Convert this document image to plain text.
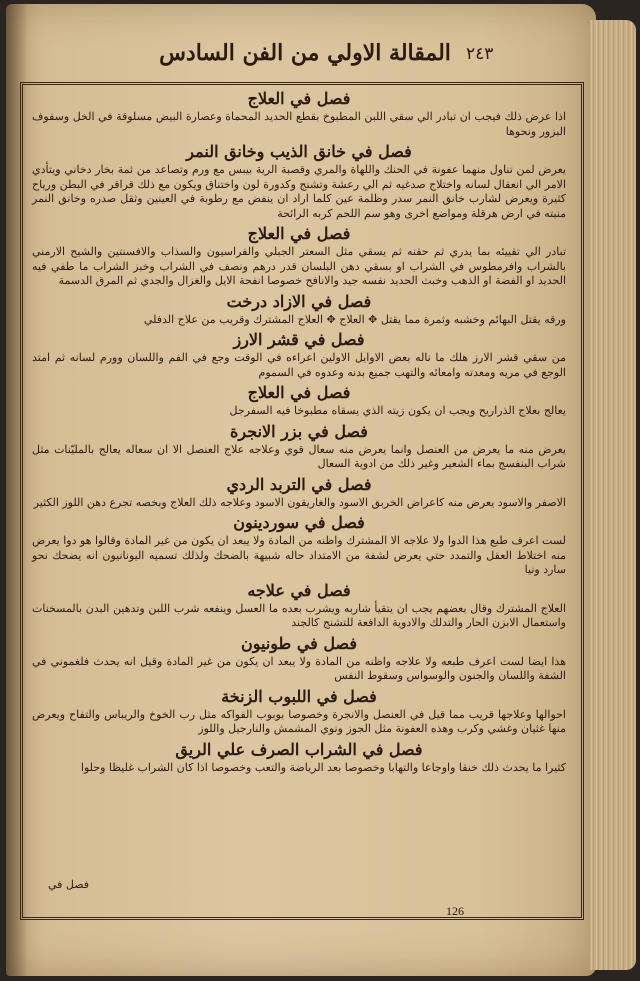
المقالة الاولي من الفن السادس ٢٤٣
فصل في العلاج
اذا عرض ذلك فيجب ان تبادر الي سقي اللبن المطبوخ بقطع الحديد المحماة وعصارة البيض مسلوقة في الخل وسفوف البزور ونحوها
فصل في خانق الذيب وخانق النمر
يعرض لمن تناول منهما عفونة في الحنك واللهاة والمري وقصبة الرية بيبس مع ورم وتصاعد من ثمة بخار دخاني ويتأدي الامر الي انعقال لسانه واختلاج صدغيه ثم الي رعشة وتشنج وكدورة لون واختناق ويكون مع ذلك قراقر في البطن ورياح كثيرة ويعرض لشارب خانق النمر سدر وظلمة عين كلما اراد ان ينفض مع رطوبة في العينين وثقل صدره وخانق النمر منبته في ارض هرقلة ومواضع اخرى وهو سم اللحم كربه الرائحة
فصل في العلاج
تبادر الي تقييئه بما يدري ثم حقنه ثم يسقي مثل السعتر الجبلي والفراسيون والسذاب والافسنتين والشيح الارمني بالشراب وافرمطوس في الشراب او بسقي دهن البلسان قدر درهم ونصف في الشراب وخبز الشراب ما طفي فيه الحديد او الفضة او الذهب وخبث الحديد نفسه جيد والانافح خصوصا انفحة الايل والغزال والجدي ثم المرق الدسمة
فصل في الازاد درخت
ورقه يقتل البهائم وخشبه وثمرة مما يقتل ✥ العلاج ✥ العلاج المشترك وقريب من علاج الدفلي
فصل في قشر الارز
من سقي قشر الارز هلك ما ناله بعض الاوايل الاولين اعراءه في الوقت وجع في الفم واللسان وورم لسانه ثم امتد الوجع في مريه ومعدته وامعائه والتهب جميع بدنه وعدوه في السموم
فصل في العلاج
يعالج بعلاج الذراريح ويجب ان يكون زيته الذي يسقاه مطبوخا فيه السفرجل
فصل في بزر الانجرة
يعرض منه ما يعرض من العنصل وانما يعرض منه سعال قوي وعلاجه علاج العنصل الا ان سعاله يعالج بالمليّنات مثل شراب البنفسج بماء الشعير وغير ذلك من ادوية السعال
فصل في التربد الردي
الاصفر والاسود يعرض منه كاعراض الخربق الاسود والغاريقون الاسود وعلاجه ذلك العلاج وبخصه تجرع دهن اللوز الكثير
فصل في سوردينون
لست اعرف طبع هذا الدوا ولا علاجه الا المشترك واظنه من المادة ولا يبعد ان يكون من غير المادة وقالوا هو دوا يعرض منه اختلاط العقل والتمدد حتي يعرض لشفة من الامتداد حاله شبيهة بالضحك ولذلك تسميه اليونانيون انه يضحك نحو سارد ونيا
فصل في علاجه
العلاج المشترك وقال بعضهم يجب ان يتقيأ شاربه ويشرب بعده ما العسل وينفعه شرب اللبن وتدهين البدن بالمسخنات واستعمال الابزن الحار والتدلك والادوية الدافعة للتشنج كالجند
فصل في طونيون
هذا ايضا لست اعرف طبعه ولا علاجه واظنه من المادة ولا يبعد ان يكون من غير المادة وقيل انه يحدث فلغموني في الشفة واللسان والجنون والوسواس وسقوط النفس
فصل في اللبوب الزنخة
احوالها وعلاجها قريب مما قيل في العنصل والانجرة وخصوصا بوبوب الفواكه مثل رب الخوخ والريباس والتفاح ويعرض منها غثيان وغشي وكرب وهذه العفونة مثل الجوز ونوي المشمش والنارجيل واللوز
فصل في الشراب الصرف علي الريق
كثيرا ما يحدث ذلك خنقا واوجاعا والتهابا وخصوصا بعد الرياضة والتعب وخصوصا اذا كان الشراب غليظا وحلوا
فصل في
126
